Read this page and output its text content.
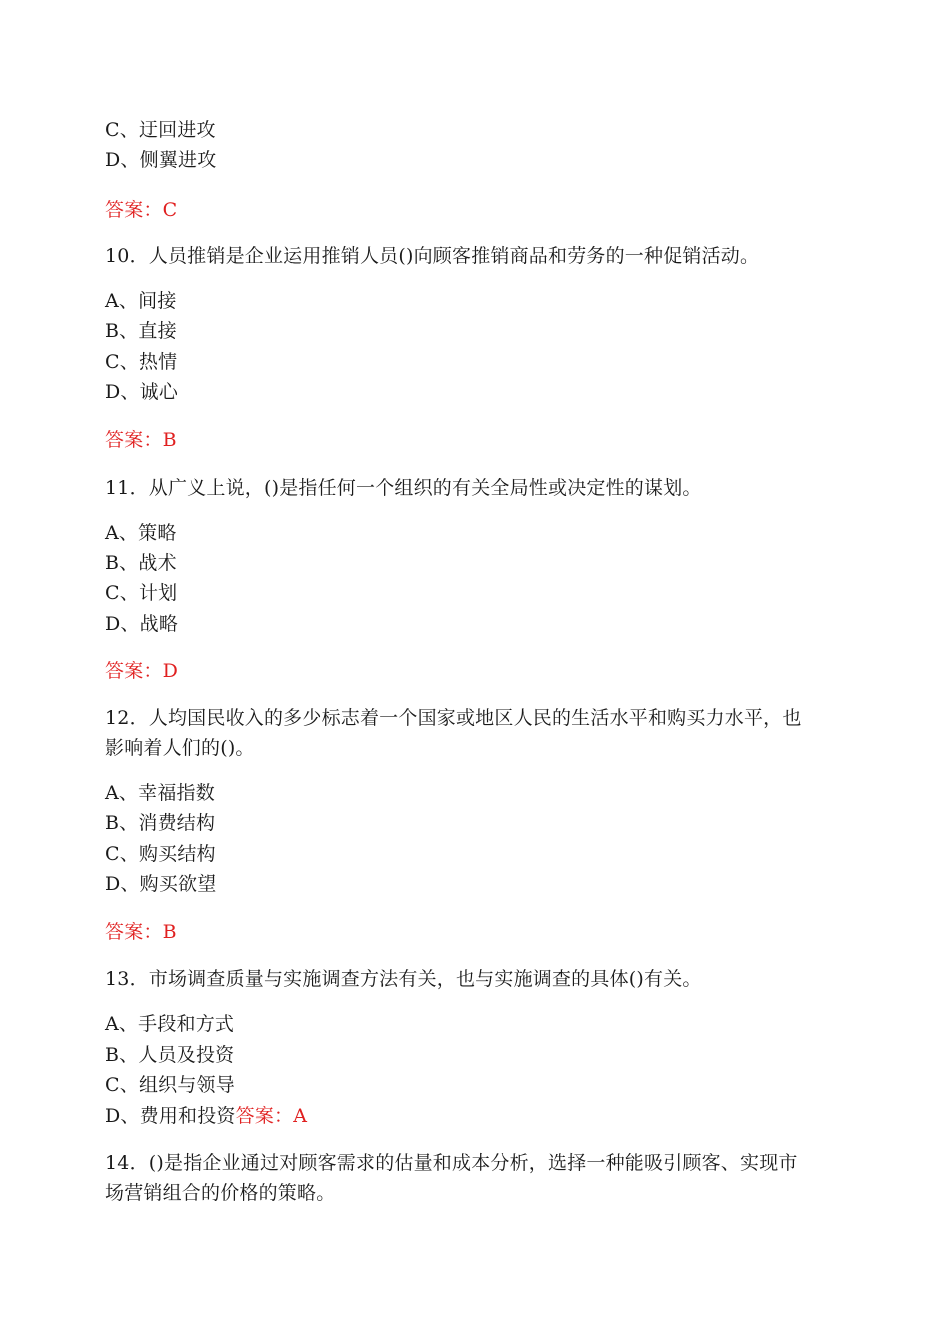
C、迂回进攻
D、侧翼进攻
答案：C
10．人员推销是企业运用推销人员()向顾客推销商品和劳务的一种促销活动。
A、间接
B、直接
C、热情
D、诚心
答案：B
11．从广义上说，()是指任何一个组织的有关全局性或决定性的谋划。
A、策略
B、战术
C、计划
D、战略
答案：D
12．人均国民收入的多少标志着一个国家或地区人民的生活水平和购买力水平，也
影响着人们的()。
A、幸福指数
B、消费结构
C、购买结构
D、购买欲望
答案：B
13．市场调查质量与实施调查方法有关，也与实施调查的具体()有关。
A、手段和方式
B、人员及投资
C、组织与领导
D、费用和投资答案：A
14．()是指企业通过对顾客需求的估量和成本分析，选择一种能吸引顾客、实现市
场营销组合的价格的策略。
